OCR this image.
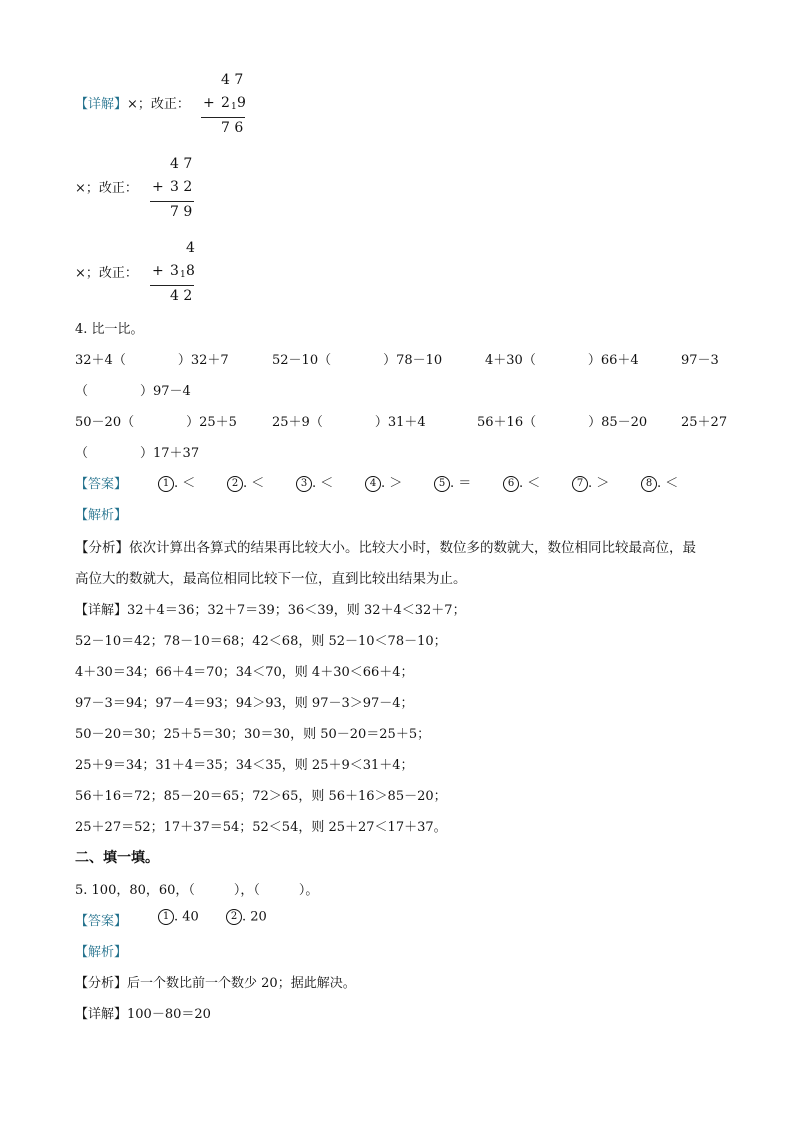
【详解】×；改正：
4 7
+ 2 1 9
7 6
×；改正：
4 7
+ 3 2
7 9
×；改正：
4
+ 3 1 8
4 2
4. 比一比。
32＋4（　　　　）32＋7	52－10（　　　　）78－10	4＋30（　　　　）66＋4	97－3
（　　　　）97－4
50－20（　　　　）25＋5	25＋9（　　　　）31＋4	56＋16（　　　　）85－20	25＋27
（　　　　）17＋37
【答案】	1 . ＜	2 . ＜	3 . ＜	4 . ＞	5 . ＝	6 . ＜	7 . ＞	8 . ＜
【解析】
【分析】依次计算出各算式的结果再比较大小。比较大小时，数位多的数就大，数位相同比较最高位，最
高位大的数就大，最高位相同比较下一位，直到比较出结果为止。
【详解】32＋4＝36；32＋7＝39；36＜39，则 32＋4＜32＋7；
52－10＝42；78－10＝68；42＜68，则 52－10＜78－10；
4＋30＝34；66＋4＝70；34＜70，则 4＋30＜66＋4；
97－3＝94；97－4＝93；94＞93，则 97－3＞97－4；
50－20＝30；25＋5＝30；30＝30，则 50－20＝25＋5；
25＋9＝34；31＋4＝35；34＜35，则 25＋9＜31＋4；
56＋16＝72；85－20＝65；72＞65，则 56＋16＞85－20；
25＋27＝52；17＋37＝54；52＜54，则 25＋27＜17＋37。
二、填一填。
5. 100，80，60，（　　　），（　　　）。
【答案】	1 . 40	2 . 20
【解析】
【分析】后一个数比前一个数少 20；据此解决。
【详解】100－80＝20
